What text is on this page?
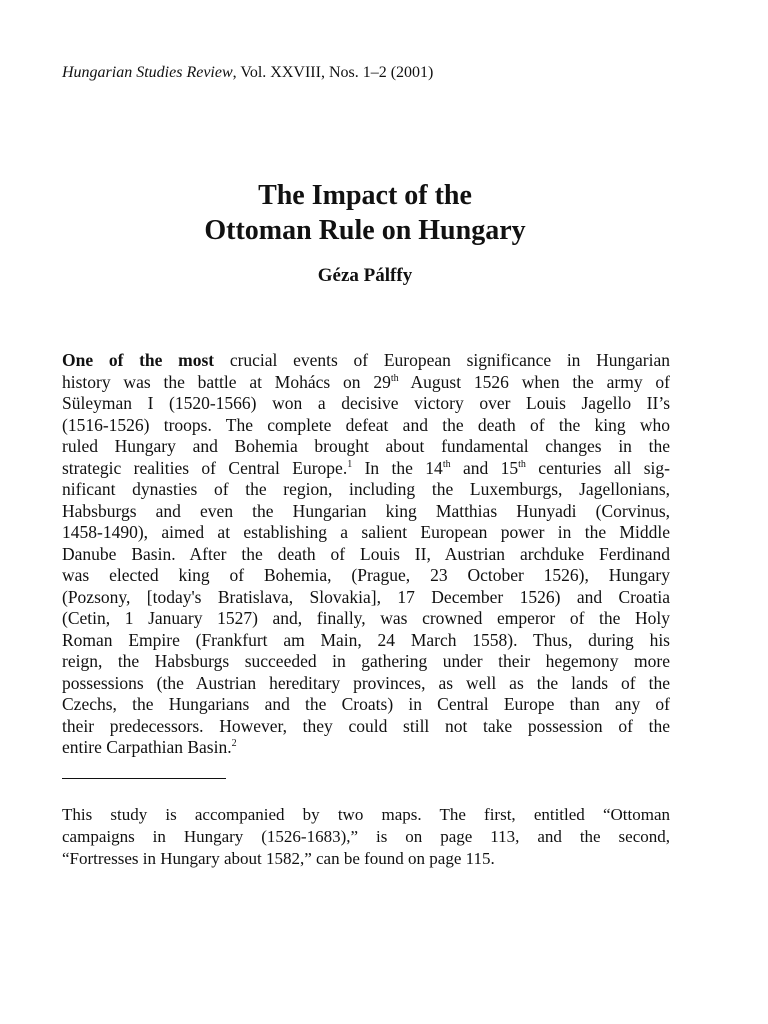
Hungarian Studies Review, Vol. XXVIII, Nos. 1–2 (2001)
The Impact of the
Ottoman Rule on Hungary
Géza Pálffy
One of the most crucial events of European significance in Hungarian
history was the battle at Mohács on 29th August 1526 when the army of
Süleyman I (1520-1566) won a decisive victory over Louis Jagello II’s
(1516-1526) troops. The complete defeat and the death of the king who
ruled Hungary and Bohemia brought about fundamental changes in the
strategic realities of Central Europe.$^1$ In the 14th and 15th centuries all sig-
nificant dynasties of the region, including the Luxemburgs, Jagellonians,
Habsburgs and even the Hungarian king Matthias Hunyadi (Corvinus,
1458-1490), aimed at establishing a salient European power in the Middle
Danube Basin. After the death of Louis II, Austrian archduke Ferdinand
was elected king of Bohemia, (Prague, 23 October 1526), Hungary
(Pozsony, [today's Bratislava, Slovakia], 17 December 1526) and Croatia
(Cetin, 1 January 1527) and, finally, was crowned emperor of the Holy
Roman Empire (Frankfurt am Main, 24 March 1558). Thus, during his
reign, the Habsburgs succeeded in gathering under their hegemony more
possessions (the Austrian hereditary provinces, as well as the lands of the
Czechs, the Hungarians and the Croats) in Central Europe than any of
their predecessors. However, they could still not take possession of the
entire Carpathian Basin.$^2$
This study is accompanied by two maps. The first, entitled “Ottoman
campaigns in Hungary (1526-1683),” is on page 113, and the second,
“Fortresses in Hungary about 1582,” can be found on page 115.
